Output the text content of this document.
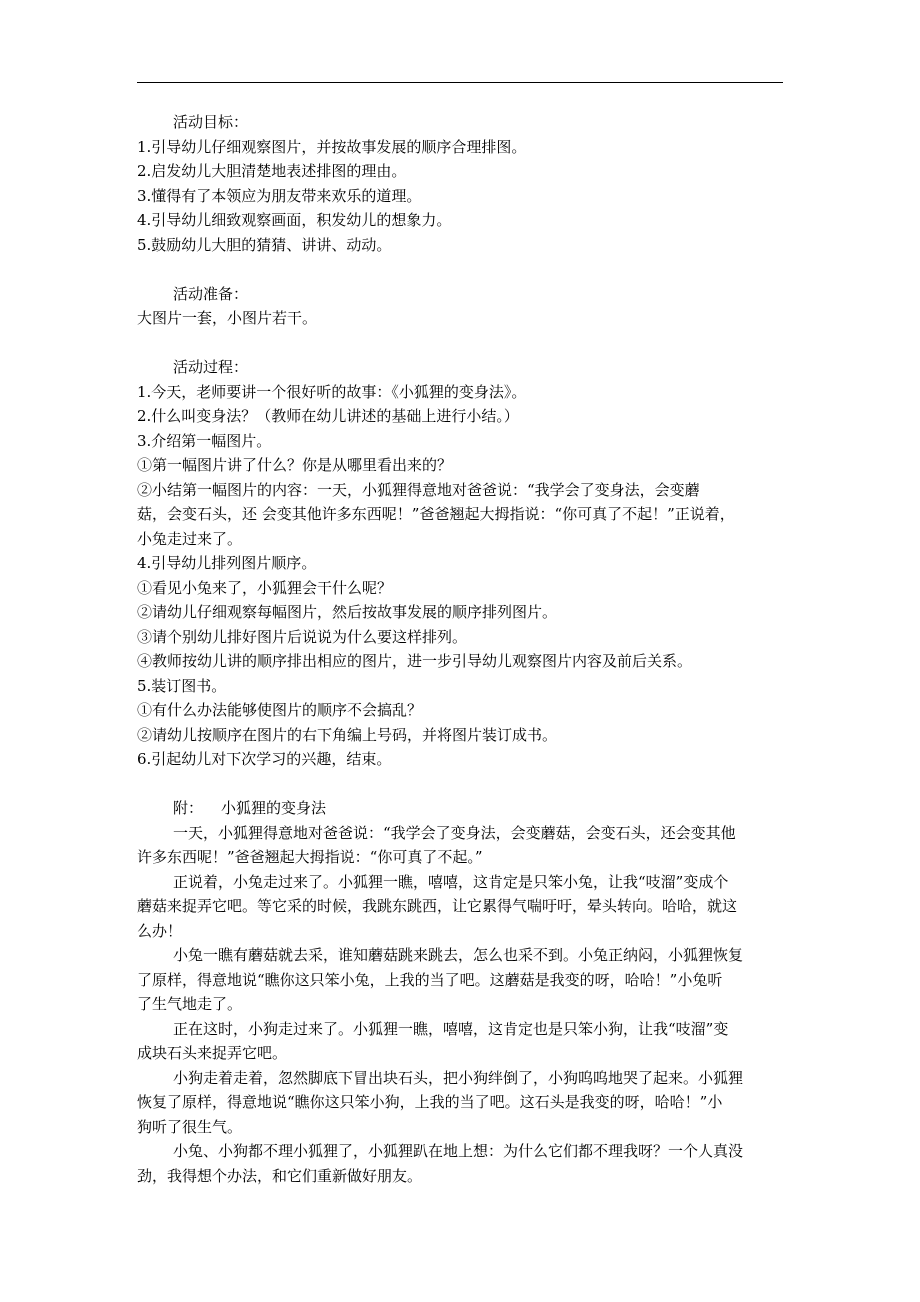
活动目标：
1.引导幼儿仔细观察图片，并按故事发展的顺序合理排图。
2.启发幼儿大胆清楚地表述排图的理由。
3.懂得有了本领应为朋友带来欢乐的道理。
4.引导幼儿细致观察画面，积发幼儿的想象力。
5.鼓励幼儿大胆的猜猜、讲讲、动动。
活动准备：
大图片一套，小图片若干。
活动过程：
1.今天，老师要讲一个很好听的故事：《小狐狸的变身法》。
2.什么叫变身法？（教师在幼儿讲述的基础上进行小结。）
3.介绍第一幅图片。
①第一幅图片讲了什么？你是从哪里看出来的？
②小结第一幅图片的内容：一天，小狐狸得意地对爸爸说：“我学会了变身法，会变蘑
菇，会变石头，还 会变其他许多东西呢！”爸爸翘起大拇指说：“你可真了不起！”正说着，
小兔走过来了。
4.引导幼儿排列图片顺序。
①看见小兔来了，小狐狸会干什么呢？
②请幼儿仔细观察每幅图片，然后按故事发展的顺序排列图片。
③请个别幼儿排好图片后说说为什么要这样排列。
④教师按幼儿讲的顺序排出相应的图片，进一步引导幼儿观察图片内容及前后关系。
5.装订图书。
①有什么办法能够使图片的顺序不会搞乱？
②请幼儿按顺序在图片的右下角编上号码，并将图片装订成书。
6.引起幼儿对下次学习的兴趣，结束。
附： 小狐狸的变身法
一天，小狐狸得意地对爸爸说：“我学会了变身法，会变蘑菇，会变石头，还会变其他
许多东西呢！”爸爸翘起大拇指说：“你可真了不起。”
正说着，小兔走过来了。小狐狸一瞧，嘻嘻，这肯定是只笨小兔，让我“吱溜”变成个
蘑菇来捉弄它吧。等它采的时候，我跳东跳西，让它累得气喘吁吁，晕头转向。哈哈，就这
么办！
小兔一瞧有蘑菇就去采，谁知蘑菇跳来跳去，怎么也采不到。小兔正纳闷，小狐狸恢复
了原样，得意地说“瞧你这只笨小兔，上我的当了吧。这蘑菇是我变的呀，哈哈！”小兔听
了生气地走了。
正在这时，小狗走过来了。小狐狸一瞧，嘻嘻，这肯定也是只笨小狗，让我“吱溜”变
成块石头来捉弄它吧。
小狗走着走着，忽然脚底下冒出块石头，把小狗绊倒了，小狗呜呜地哭了起来。小狐狸
恢复了原样，得意地说“瞧你这只笨小狗，上我的当了吧。这石头是我变的呀，哈哈！”小
狗听了很生气。
小兔、小狗都不理小狐狸了，小狐狸趴在地上想：为什么它们都不理我呀？一个人真没
劲，我得想个办法，和它们重新做好朋友。
